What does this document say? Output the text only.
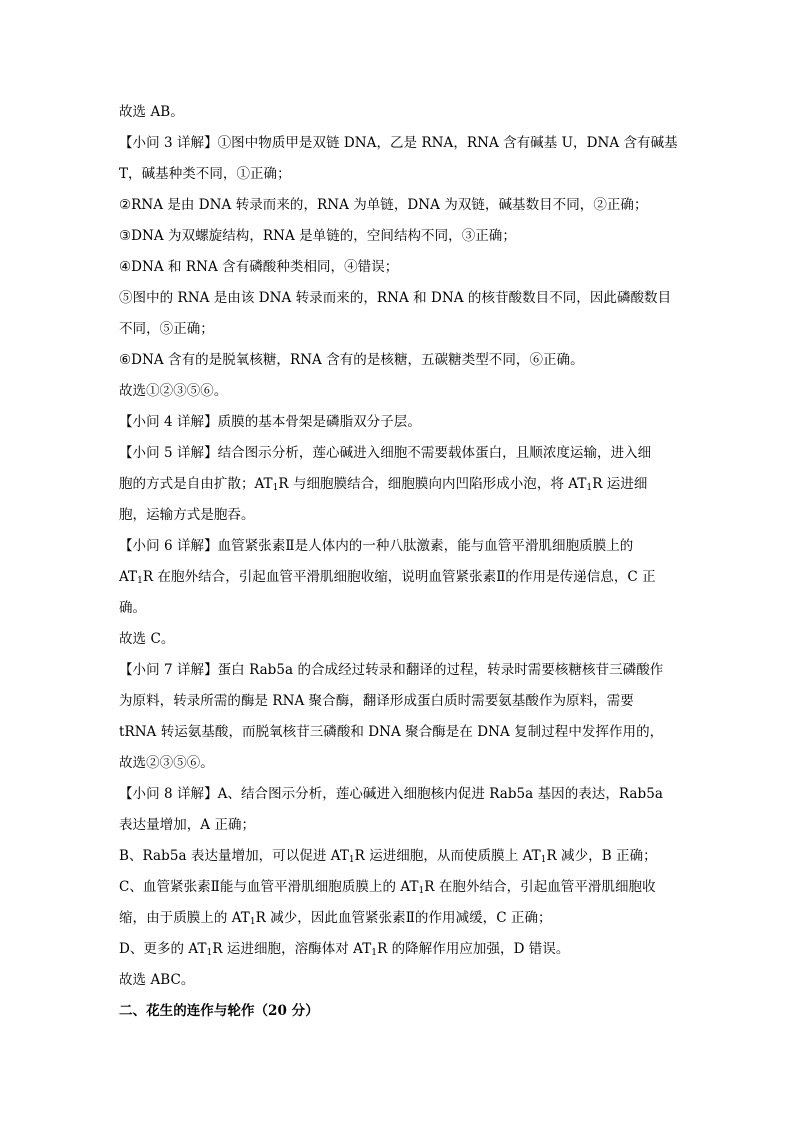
故选 AB。
【小问 3 详解】①图中物质甲是双链 DNA，乙是 RNA，RNA 含有碱基 U，DNA 含有碱基
T，碱基种类不同，①正确；
②RNA 是由 DNA 转录而来的，RNA 为单链，DNA 为双链，碱基数目不同，②正确；
③DNA 为双螺旋结构，RNA 是单链的，空间结构不同，③正确；
④DNA 和 RNA 含有磷酸种类相同，④错误；
⑤图中的 RNA 是由该 DNA 转录而来的，RNA 和 DNA 的核苷酸数目不同，因此磷酸数目
不同，⑤正确；
⑥DNA 含有的是脱氧核糖，RNA 含有的是核糖，五碳糖类型不同，⑥正确。
故选①②③⑤⑥。
【小问 4 详解】质膜的基本骨架是磷脂双分子层。
【小问 5 详解】结合图示分析，莲心碱进入细胞不需要载体蛋白，且顺浓度运输，进入细
胞的方式是自由扩散；$AT_1R$ 与细胞膜结合，细胞膜向内凹陷形成小泡，将 $AT_1R$ 运进细
胞，运输方式是胞吞。
【小问 6 详解】血管紧张素Ⅱ是人体内的一种八肽激素，能与血管平滑肌细胞质膜上的
$AT_1R$ 在胞外结合，引起血管平滑肌细胞收缩，说明血管紧张素Ⅱ的作用是传递信息，C 正
确。
故选 C。
【小问 7 详解】蛋白 Rab5a 的合成经过转录和翻译的过程，转录时需要核糖核苷三磷酸作
为原料，转录所需的酶是 RNA 聚合酶，翻译形成蛋白质时需要氨基酸作为原料，需要
tRNA 转运氨基酸，而脱氧核苷三磷酸和 DNA 聚合酶是在 DNA 复制过程中发挥作用的，
故选②③⑤⑥。
【小问 8 详解】A、结合图示分析，莲心碱进入细胞核内促进 Rab5a 基因的表达，Rab5a
表达量增加，A 正确；
B、Rab5a 表达量增加，可以促进 $AT_1R$ 运进细胞，从而使质膜上 $AT_1R$ 减少，B 正确；
C、血管紧张素Ⅱ能与血管平滑肌细胞质膜上的 $AT_1R$ 在胞外结合，引起血管平滑肌细胞收
缩，由于质膜上的 $AT_1R$ 减少，因此血管紧张素Ⅱ的作用减缓，C 正确；
D、更多的 $AT_1R$ 运进细胞，溶酶体对 $AT_1R$ 的降解作用应加强，D 错误。
故选 ABC。
二、花生的连作与轮作（20 分）
